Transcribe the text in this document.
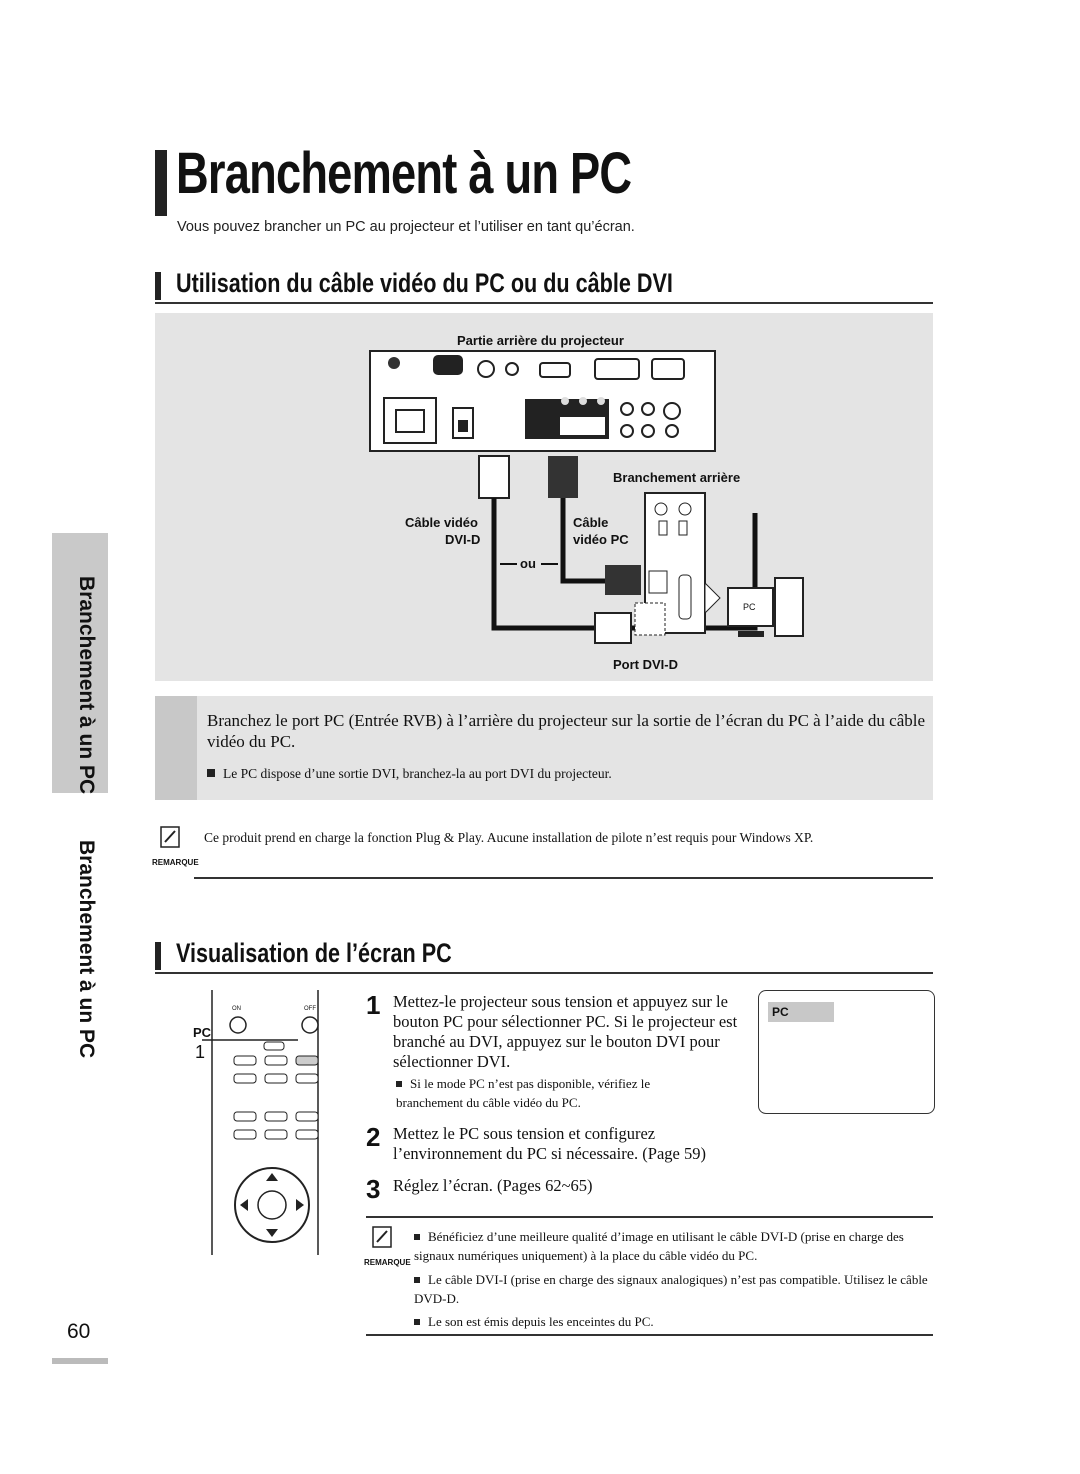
Branchement à un PC
Vous pouvez brancher un PC au projecteur et l’utiliser en tant qu’écran.
Utilisation du câble vidéo du PC ou du câble DVI
Partie arrière du projecteur
Branchement arrière
Câble vidéo
DVI-D
ou
Câble
vidéo PC
Port DVI-D
PC
Branchez le port PC (Entrée RVB) à l’arrière du projecteur sur la sortie de l’écran du PC à l’aide du câble vidéo du PC.
Le PC dispose d’une sortie DVI, branchez-la au port DVI du projecteur.
REMARQUE
Ce produit prend en charge la fonction Plug & Play. Aucune installation de pilote n’est requis pour Windows XP.
Visualisation de l’écran PC
PC
1
ON	OFF 1 Mettez-le projecteur sous tension et appuyez sur le bouton PC pour sélectionner PC. Si le projecteur est branché au DVI, appuyez sur le bouton DVI pour sélectionner DVI.
Si le mode PC n’est pas disponible, vérifiez le branchement du câble vidéo du PC.
2 Mettez le PC sous tension et configurez l’environnement du PC si nécessaire. (Page 59)
3 Réglez l’écran. (Pages 62~65)
PC
REMARQUE
Bénéficiez d’une meilleure qualité d’image en utilisant le câble DVI-D (prise en charge des signaux numériques uniquement) à la place du câble vidéo du PC.
Le câble DVI-I (prise en charge des signaux analogiques) n’est pas compatible. Utilisez le câble DVD-D.
Le son est émis depuis les enceintes du PC.
Branchement à un PC
Branchement à un PC
60
